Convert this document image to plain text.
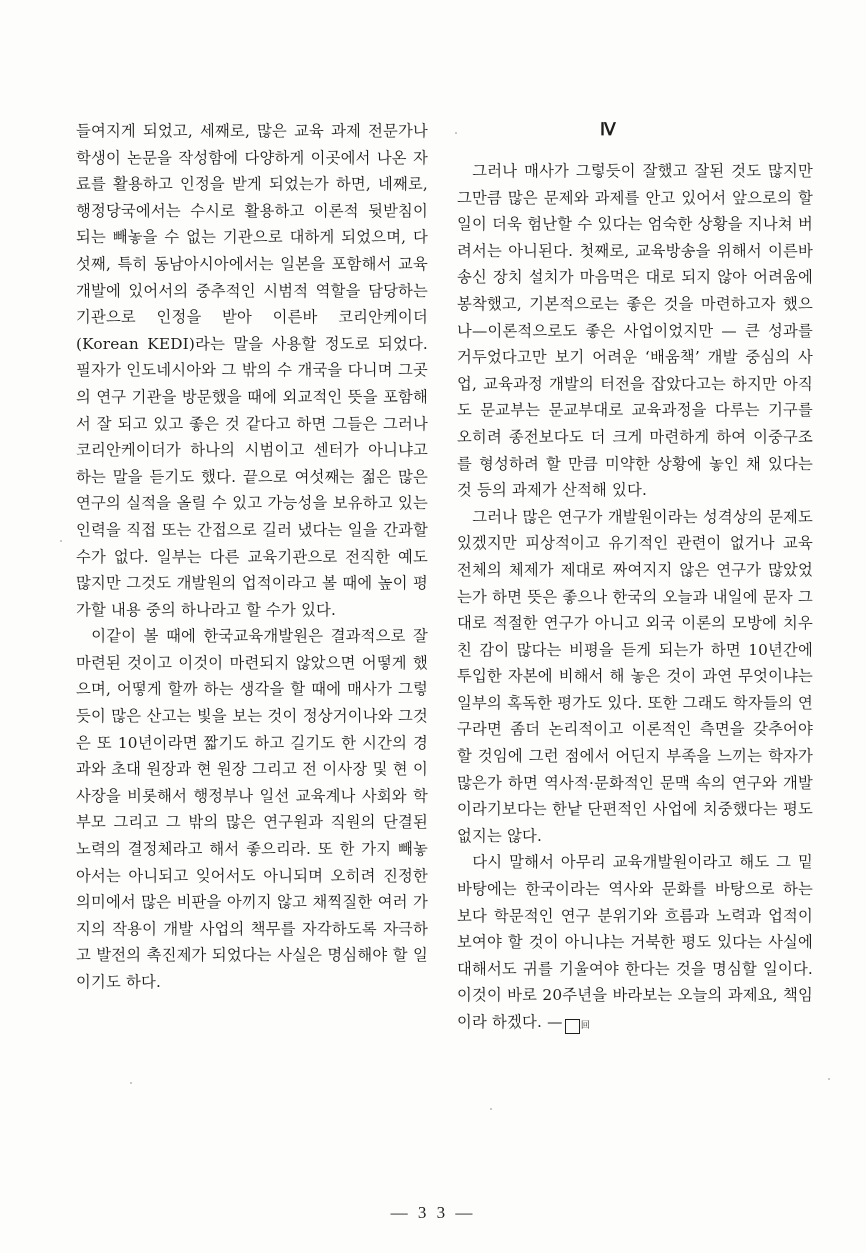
들여지게 되었고, 세째로, 많은 교육 과제 전문가나 학생이 논문을 작성함에 다양하게 이곳에서 나온 자료를 활용하고 인정을 받게 되었는가 하면, 네째로, 행정당국에서는 수시로 활용하고 이론적 뒷받침이 되는 빼놓을 수 없는 기관으로 대하게 되었으며, 다섯째, 특히 동남아시아에서는 일본을 포함해서 교육 개발에 있어서의 중추적인 시범적 역할을 담당하는 기관으로 인정을 받아 이른바 코리안케이더 (Korean KEDI)라는 말을 사용할 정도로 되었다. 필자가 인도네시아와 그 밖의 수 개국을 다니며 그곳의 연구 기관을 방문했을 때에 외교적인 뜻을 포함해서 잘 되고 있고 좋은 것 같다고 하면 그들은 그러나 코리안케이더가 하나의 시범이고 센터가 아니냐고 하는 말을 듣기도 했다. 끝으로 여섯째는 젊은 많은 연구의 실적을 올릴 수 있고 가능성을 보유하고 있는 인력을 직접 또는 간접으로 길러 냈다는 일을 간과할 수가 없다. 일부는 다른 교육기관으로 전직한 예도 많지만 그것도 개발원의 업적이라고 볼 때에 높이 평가할 내용 중의 하나라고 할 수가 있다.

이같이 볼 때에 한국교육개발원은 결과적으로 잘 마련된 것이고 이것이 마련되지 않았으면 어떻게 했으며, 어떻게 할까 하는 생각을 할 때에 매사가 그렇듯이 많은 산고는 빛을 보는 것이 정상거이나와 그것은 또 10년이라면 짧기도 하고 길기도 한 시간의 경과와 초대 원장과 현 원장 그리고 전 이사장 및 현 이사장을 비롯해서 행정부나 일선 교육계나 사회와 학부모 그리고 그 밖의 많은 연구원과 직원의 단결된 노력의 결정체라고 해서 좋으리라. 또 한 가지 빼놓아서는 아니되고 잊어서도 아니되며 오히려 진정한 의미에서 많은 비판을 아끼지 않고 채찍질한 여러 가지의 작용이 개발 사업의 책무를 자각하도록 자극하고 발전의 촉진제가 되었다는 사실은 명심해야 할 일이기도 하다.

Ⅳ

그러나 매사가 그렇듯이 잘했고 잘된 것도 많지만 그만큼 많은 문제와 과제를 안고 있어서 앞으로의 할 일이 더욱 험난할 수 있다는 엄숙한 상황을 지나쳐 버려서는 아니된다. 첫째로, 교육방송을 위해서 이른바 송신 장치 설치가 마음먹은 대로 되지 않아 어려움에 봉착했고, 기본적으로는 좋은 것을 마련하고자 했으나—이론적으로도 좋은 사업이었지만 — 큰 성과를 거두었다고만 보기 어려운 ‘배움책’ 개발 중심의 사업, 교육과정 개발의 터전을 잡았다고는 하지만 아직도 문교부는 문교부대로 교육과정을 다루는 기구를 오히려 종전보다도 더 크게 마련하게 하여 이중구조를 형성하려 할 만큼 미약한 상황에 놓인 채 있다는 것 등의 과제가 산적해 있다.

그러나 많은 연구가 개발원이라는 성격상의 문제도 있겠지만 피상적이고 유기적인 관련이 없거나 교육 전체의 체제가 제대로 짜여지지 않은 연구가 많았었는가 하면 뜻은 좋으나 한국의 오늘과 내일에 문자 그대로 적절한 연구가 아니고 외국 이론의 모방에 치우친 감이 많다는 비평을 듣게 되는가 하면 10년간에 투입한 자본에 비해서 해 놓은 것이 과연 무엇이냐는 일부의 혹독한 평가도 있다. 또한 그래도 학자들의 연구라면 좀더 논리적이고 이론적인 측면을 갖추어야 할 것임에 그런 점에서 어딘지 부족을 느끼는 학자가 많은가 하면 역사적·문화적인 문맥 속의 연구와 개발이라기보다는 한낱 단편적인 사업에 치중했다는 평도 없지는 않다.

다시 말해서 아무리 교육개발원이라고 해도 그 밑바탕에는 한국이라는 역사와 문화를 바탕으로 하는 보다 학문적인 연구 분위기와 흐름과 노력과 업적이 보여야 할 것이 아니냐는 거북한 평도 있다는 사실에 대해서도 귀를 기울여야 한다는 것을 명심할 일이다. 이것이 바로 20주년을 바라보는 오늘의 과제요, 책임이라 하겠다. — 回

— 3 3 —
